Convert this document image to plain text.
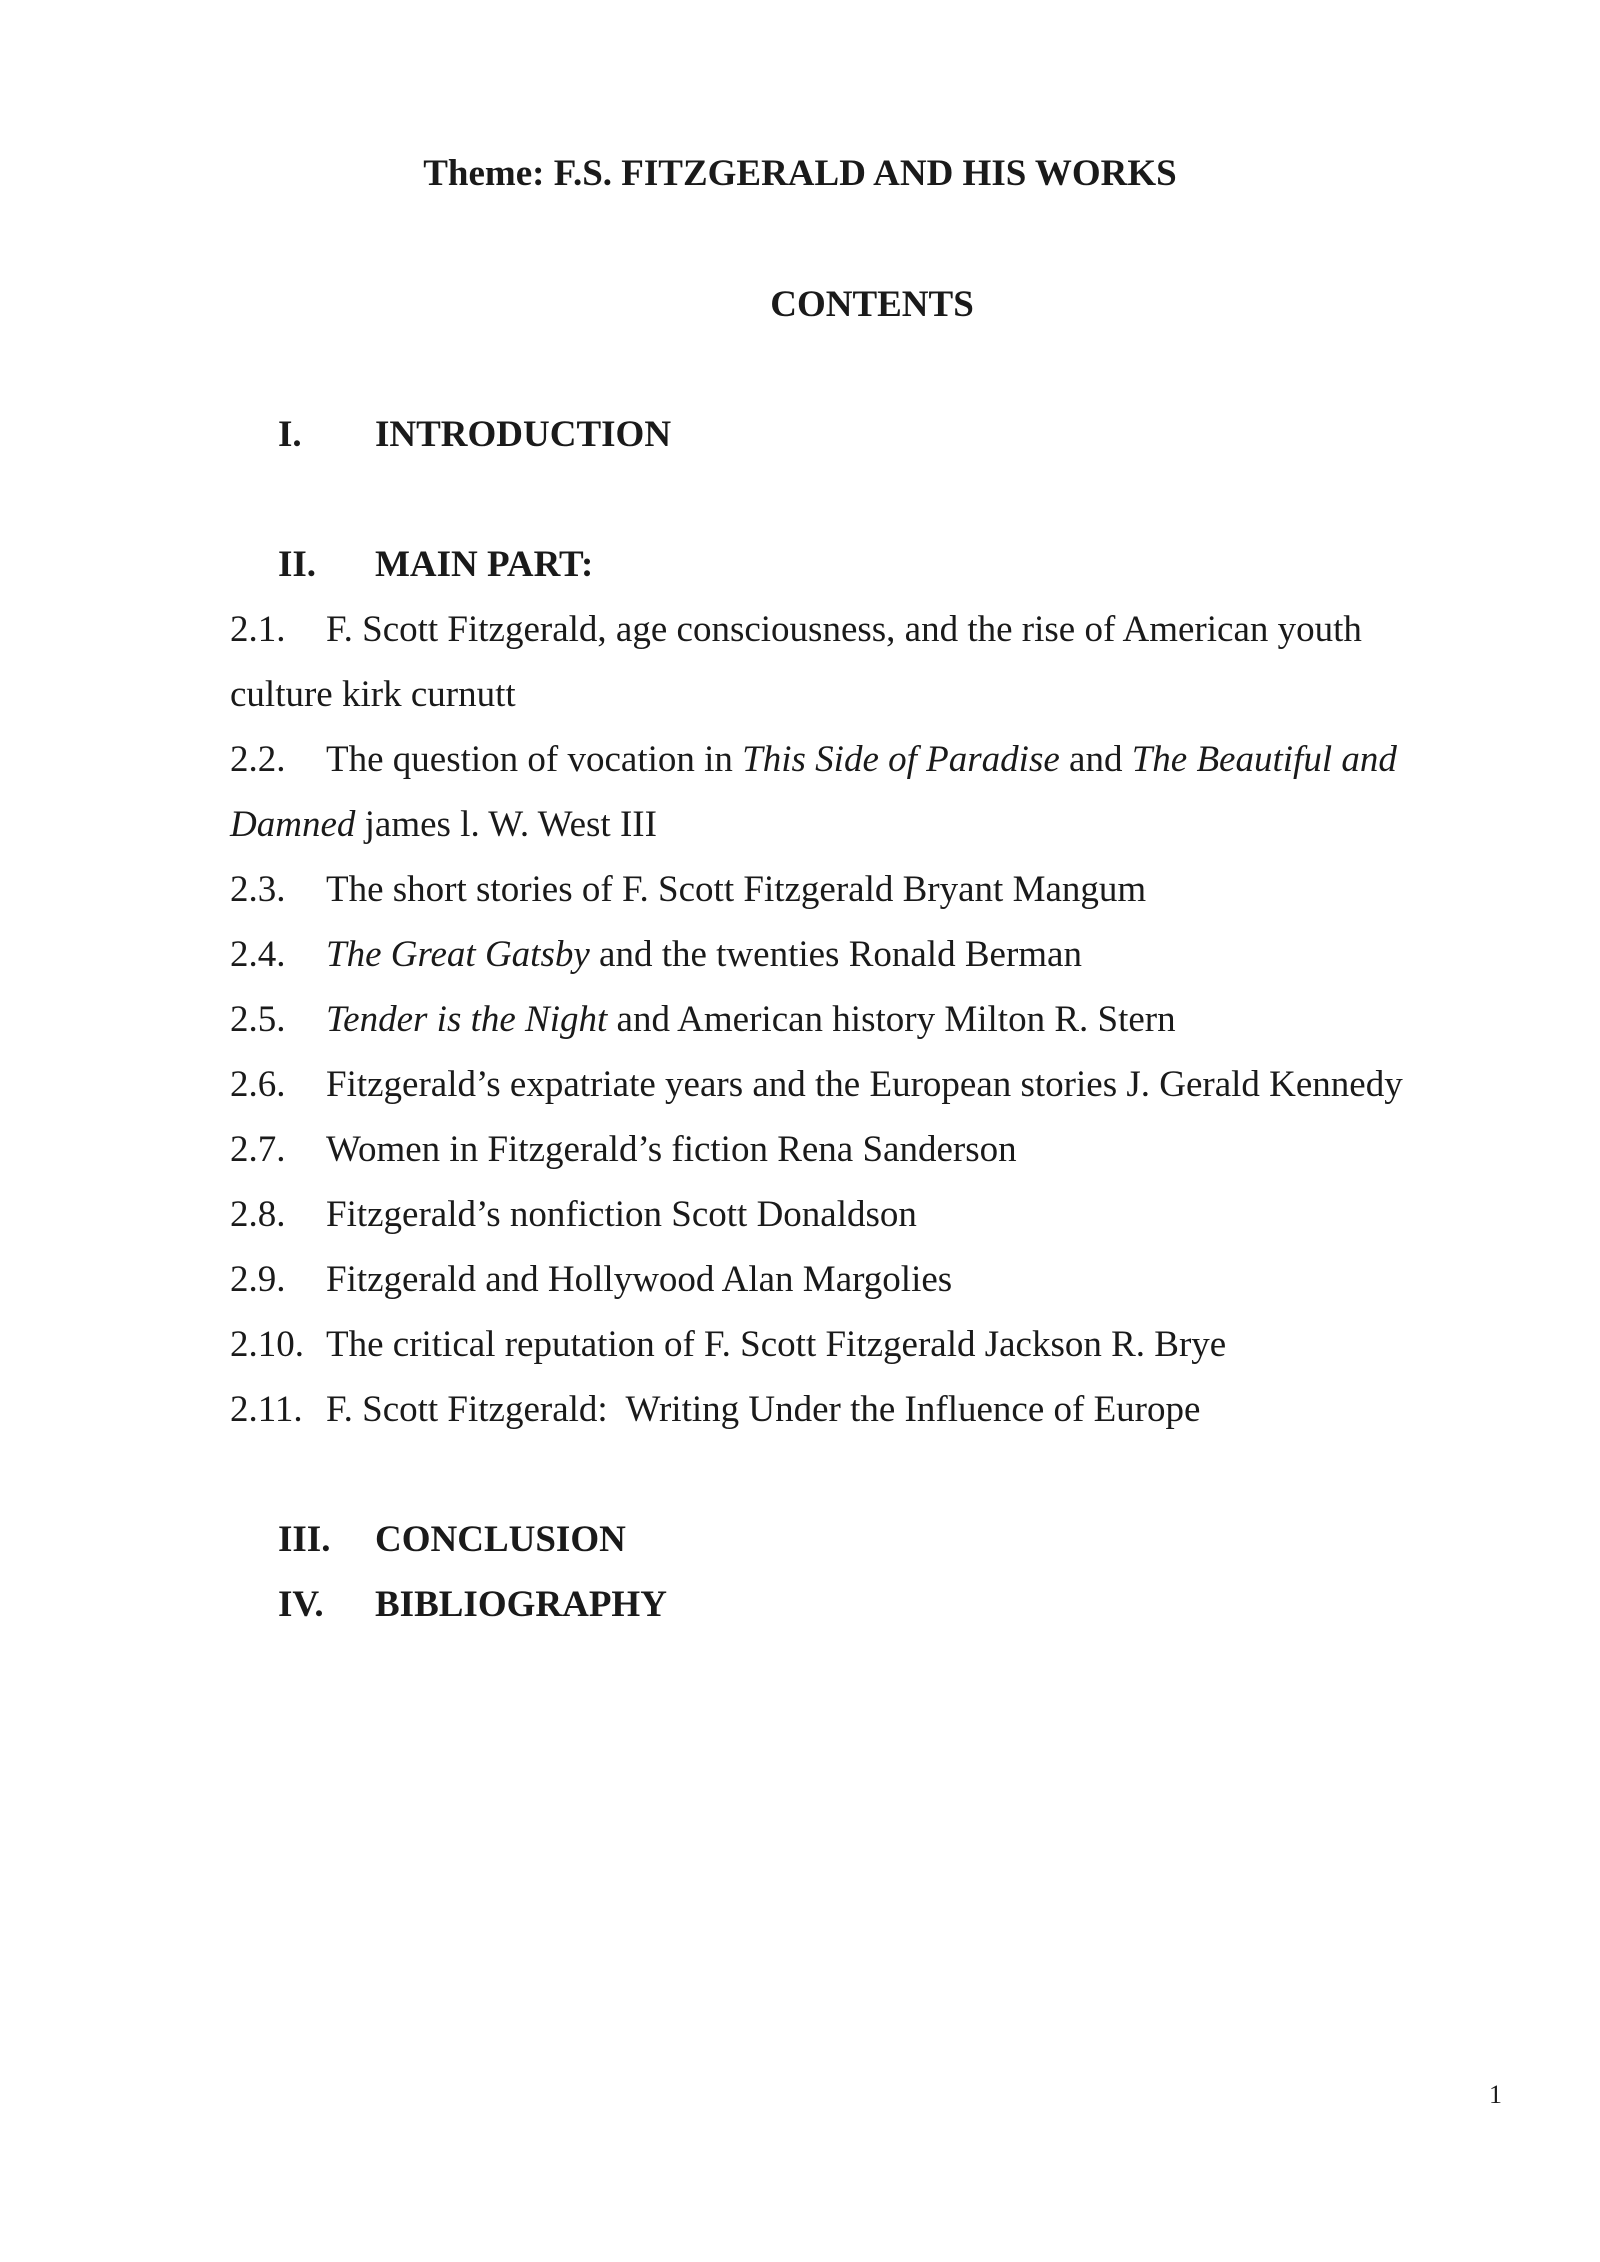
Theme: F.S. FITZGERALD AND HIS WORKS
CONTENTS
I. INTRODUCTION
II. MAIN PART:
2.1. F. Scott Fitzgerald, age consciousness, and the rise of American youth
culture kirk curnutt
2.2. The question of vocation in This Side of Paradise and The Beautiful and
Damned james l. W. West III
2.3. The short stories of F. Scott Fitzgerald Bryant Mangum
2.4. The Great Gatsby and the twenties Ronald Berman
2.5. Tender is the Night and American history Milton R. Stern
2.6. Fitzgerald’s expatriate years and the European stories J. Gerald Kennedy
2.7. Women in Fitzgerald’s fiction Rena Sanderson
2.8. Fitzgerald’s nonfiction Scott Donaldson
2.9. Fitzgerald and Hollywood Alan Margolies
2.10. The critical reputation of F. Scott Fitzgerald Jackson R. Brye
2.11. F. Scott Fitzgerald:  Writing Under the Influence of Europe
III. CONCLUSION
IV. BIBLIOGRAPHY
1
